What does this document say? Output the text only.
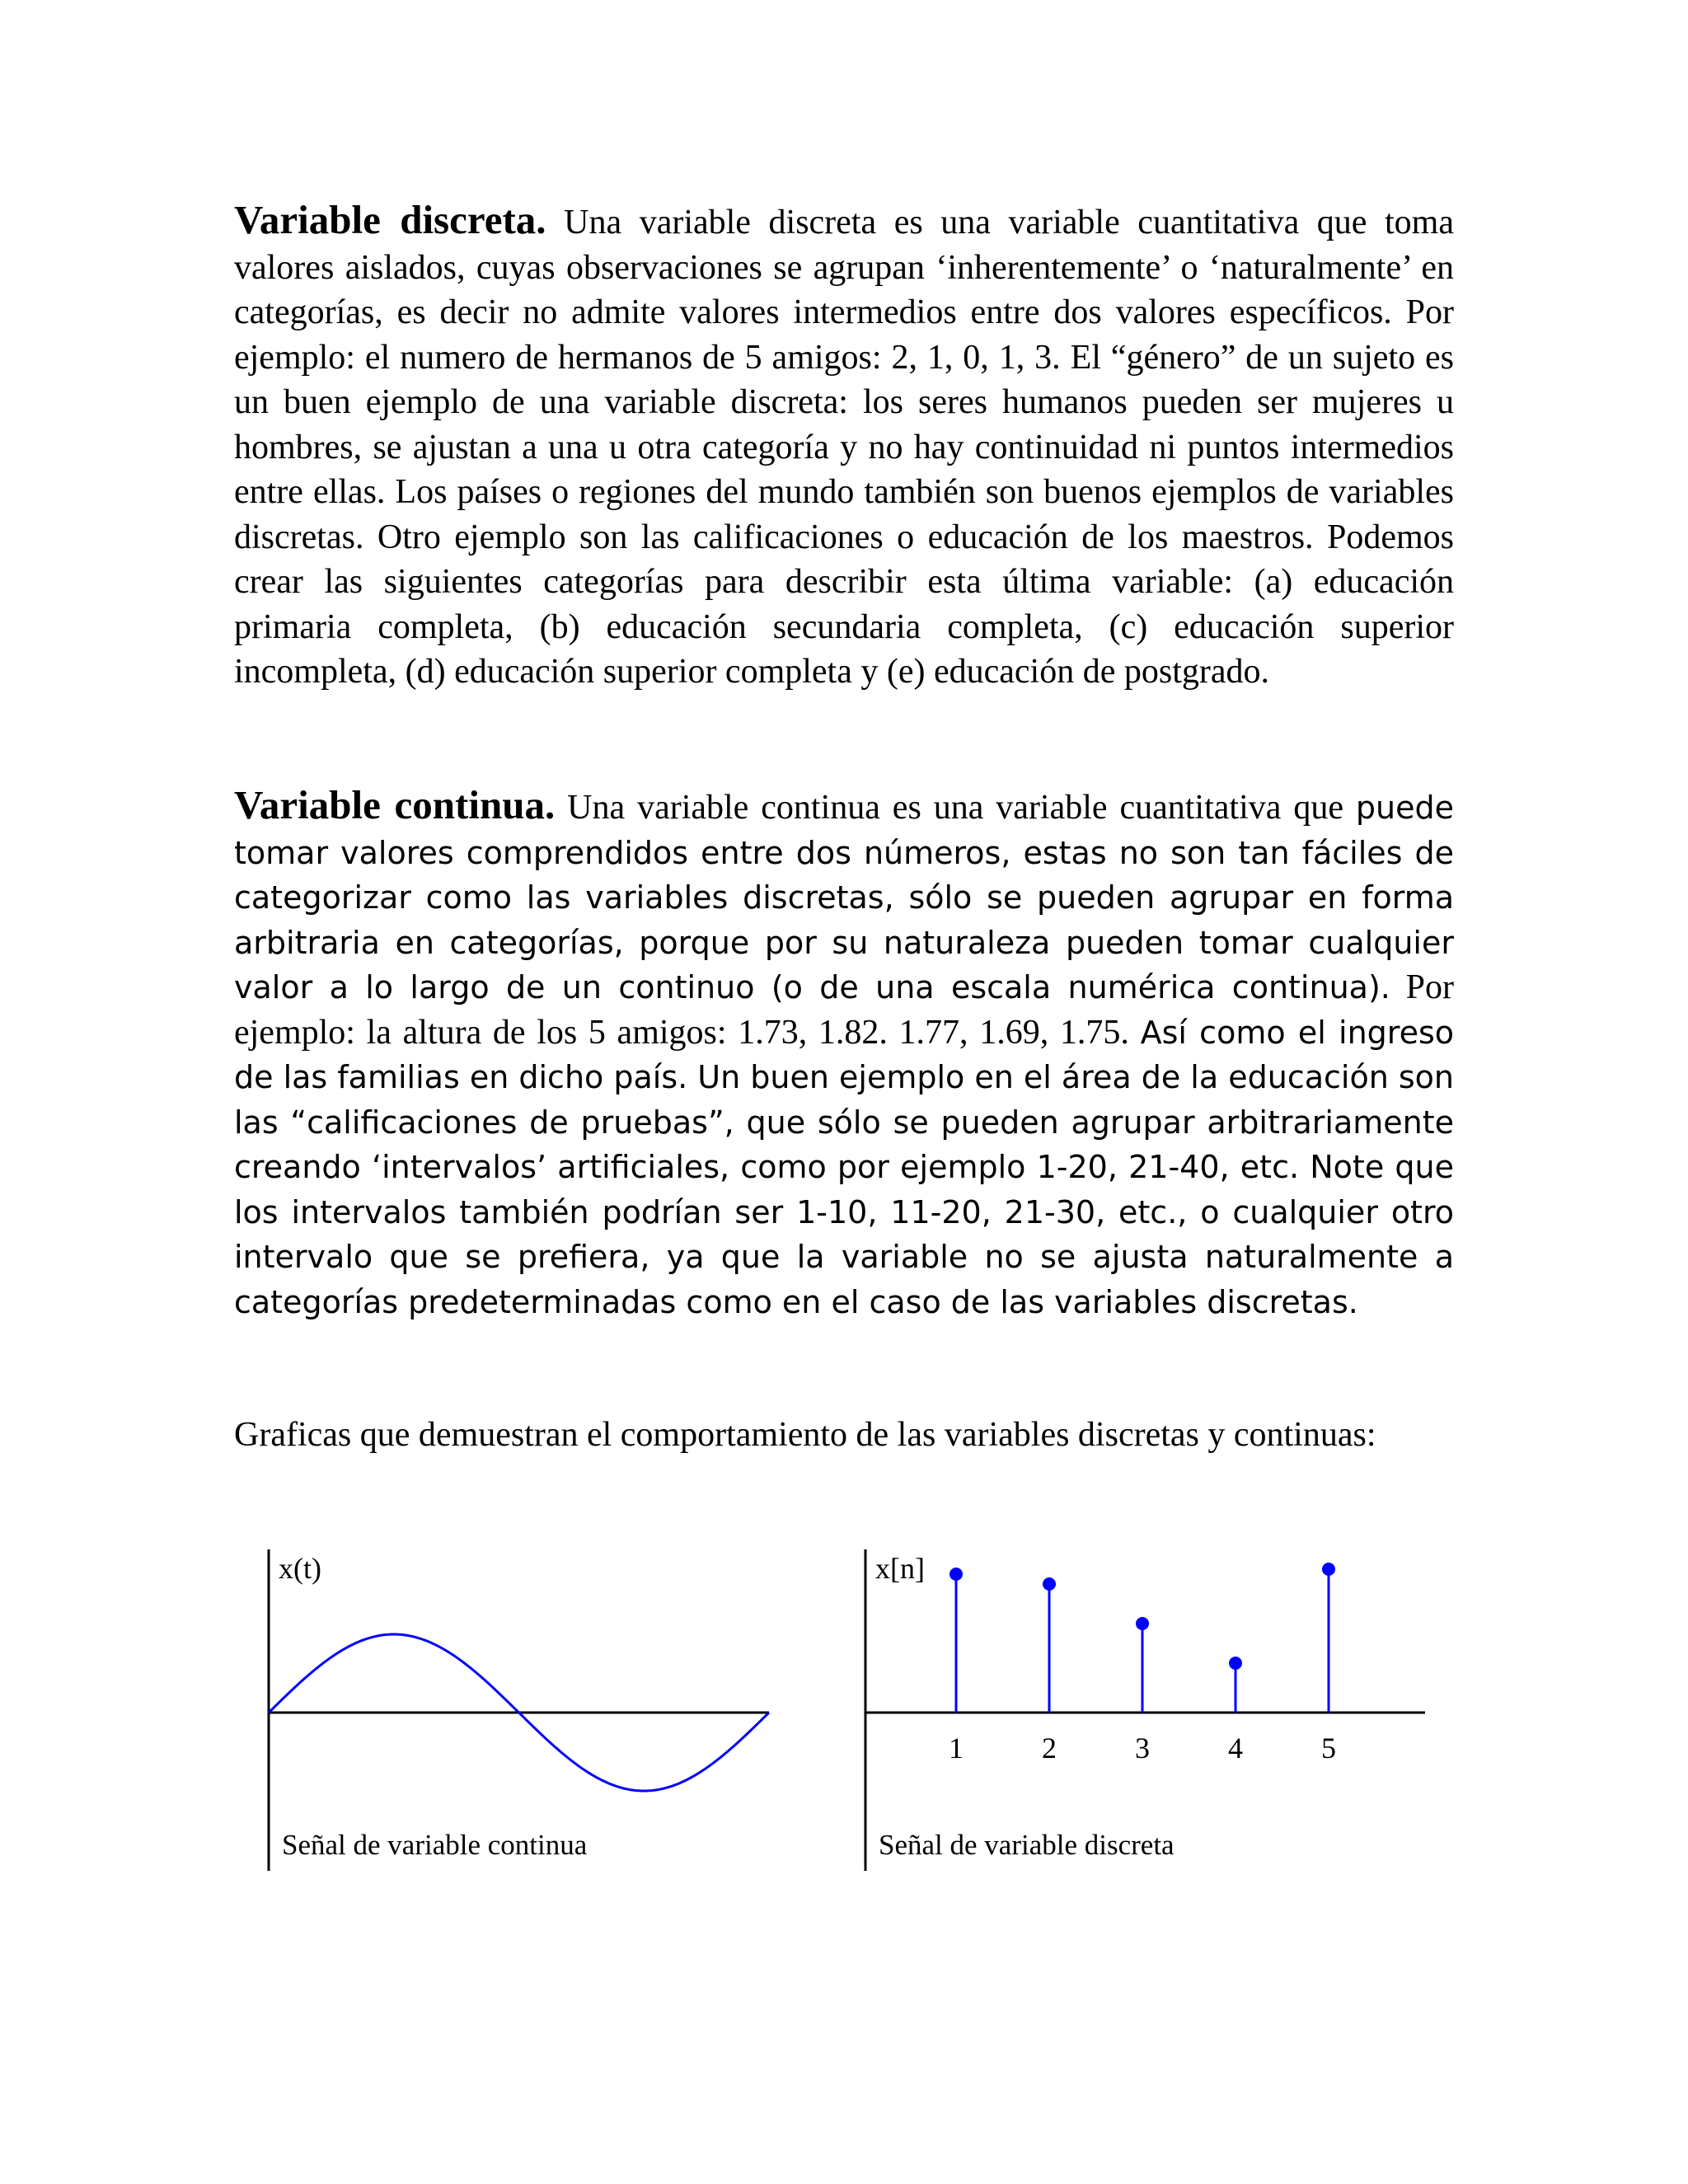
Variable discreta. Una variable discreta es una variable cuantitativa que toma valores aislados, cuyas observaciones se agrupan ‘inherentemente’ o ‘naturalmente’ en categorías, es decir no admite valores intermedios entre dos valores específicos. Por ejemplo: el numero de hermanos de 5 amigos: 2, 1, 0, 1, 3. El “género” de un sujeto es un buen ejemplo de una variable discreta: los seres humanos pueden ser mujeres u hombres, se ajustan a una u otra categoría y no hay continuidad ni puntos intermedios entre ellas. Los países o regiones del mundo también son buenos ejemplos de variables discretas. Otro ejemplo son las calificaciones o educación de los maestros. Podemos crear las siguientes categorías para describir esta última variable: (a) educación primaria completa, (b) educación secundaria completa, (c) educación superior incompleta, (d) educación superior completa y (e) educación de postgrado.

Variable continua. Una variable continua es una variable cuantitativa que puede tomar valores comprendidos entre dos números, estas no son tan fáciles de categorizar como las variables discretas, sólo se pueden agrupar en forma arbitraria en categorías, porque por su naturaleza pueden tomar cualquier valor a lo largo de un continuo (o de una escala numérica continua). Por ejemplo: la altura de los 5 amigos: 1.73, 1.82. 1.77, 1.69, 1.75. Así como el ingreso de las familias en dicho país. Un buen ejemplo en el área de la educación son las “calificaciones de pruebas”, que sólo se pueden agrupar arbitrariamente creando ‘intervalos’ artificiales, como por ejemplo 1-20, 21-40, etc. Note que los intervalos también podrían ser 1-10, 11-20, 21-30, etc., o cualquier otro intervalo que se prefiera, ya que la variable no se ajusta naturalmente a categorías predeterminadas como en el caso de las variables discretas.

Graficas que demuestran el comportamiento de las variables discretas y continuas:

x(t)
Señal de variable continua
x[n]
1	2	3	4	5
Señal de variable discreta
